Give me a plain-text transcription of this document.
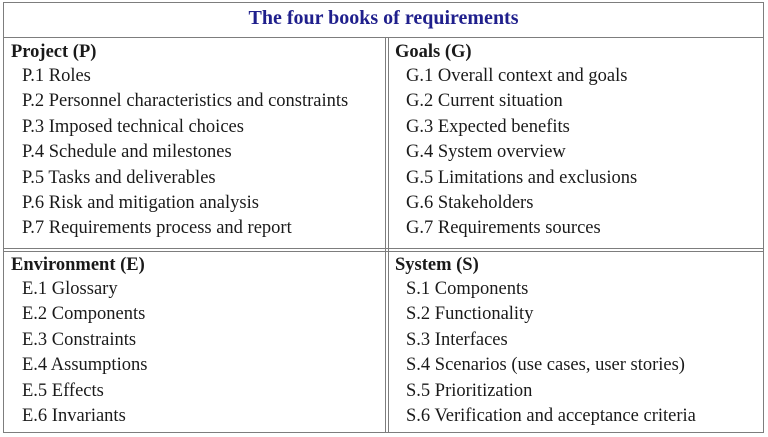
The four books of requirements
Project (P)
P.1 Roles
P.2 Personnel characteristics and constraints
P.3 Imposed technical choices
P.4 Schedule and milestones
P.5 Tasks and deliverables
P.6 Risk and mitigation analysis
P.7 Requirements process and report
Goals (G)
G.1 Overall context and goals
G.2 Current situation
G.3 Expected benefits
G.4 System overview
G.5 Limitations and exclusions
G.6 Stakeholders
G.7 Requirements sources
Environment (E)
E.1 Glossary
E.2 Components
E.3 Constraints
E.4 Assumptions
E.5 Effects
E.6 Invariants
System (S)
S.1 Components
S.2 Functionality
S.3 Interfaces
S.4 Scenarios (use cases, user stories)
S.5 Prioritization
S.6 Verification and acceptance criteria
